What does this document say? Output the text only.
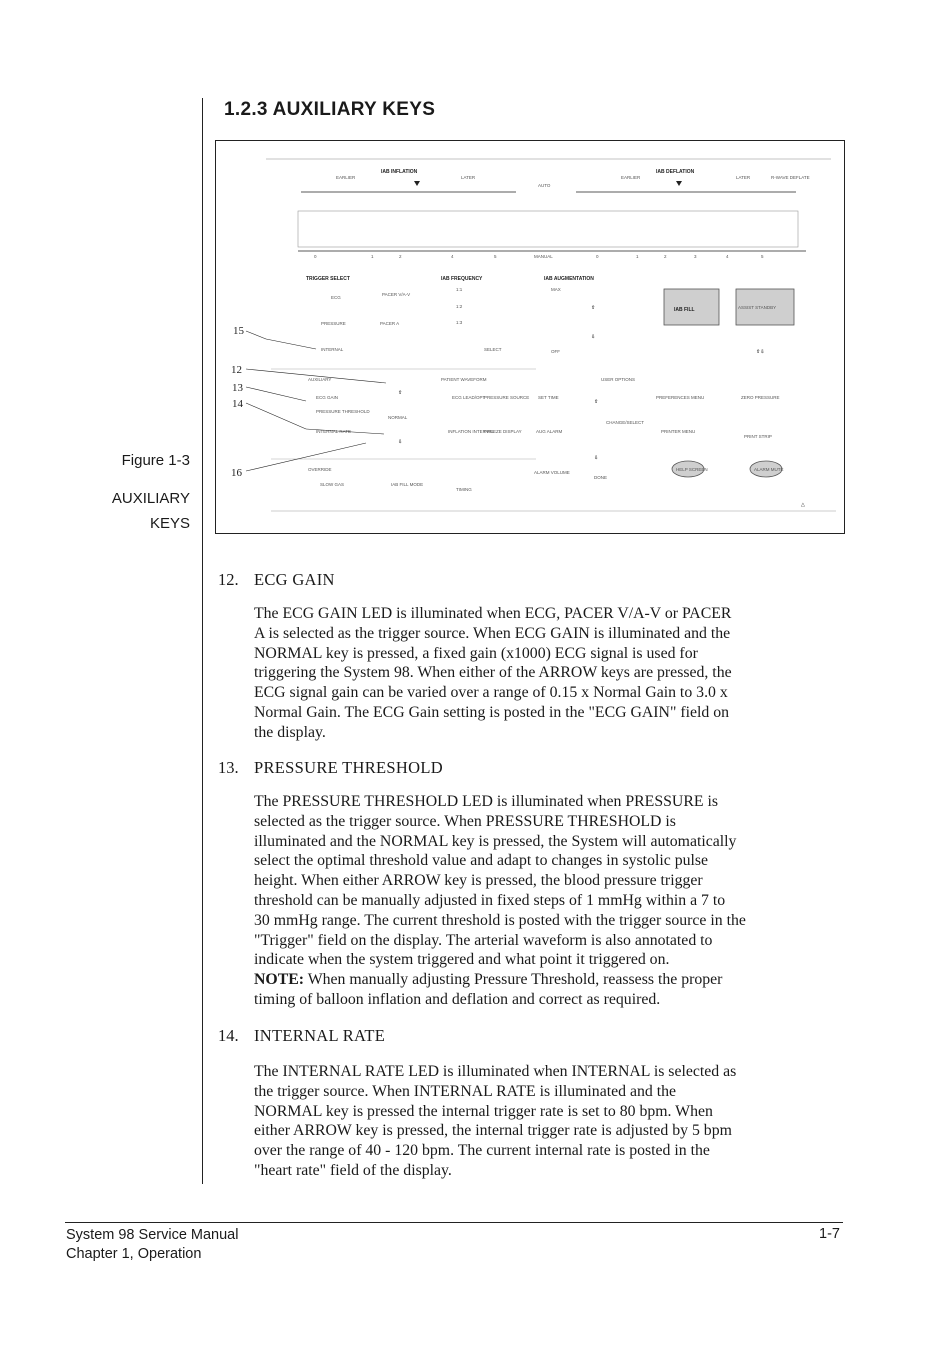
1.2.3 AUXILIARY KEYS
Figure 1-3
AUXILIARY
KEYS
IAB INFLATION
EARLIER	LATER
IAB DEFLATION
EARLIER	LATER	R-WAVE DEFLATE
AUTO
0	1	2	4	5	MANUAL	0	1	2	3	4	5
TRIGGER SELECT	IAB FREQUENCY	IAB AUGMENTATION
ECG
PACER V/A-V
PRESSURE	PACER A
INTERNAL
1:1
1:2
1:3
SELECT
MAX
OFF
⇧
⇩
IAB FILL	ASSIST STANDBY
⇧⇩
AUXILIARY	PATIENT WAVEFORM	USER OPTIONS
ECG GAIN
PRESSURE THRESHOLD
NORMAL
INTERNAL RATE
⇧
⇩
ECG LEAD/OPT
PRESSURE SOURCE
INFLATION INTERVAL
FREEZE DISPLAY
SET TIME
AUG ALARM
ALARM VOLUME
⇧
CHANGE/SELECT
⇩
DONE
PREFERENCES MENU
PRINTER MENU
ZERO PRESSURE
PRINT STRIP
HELP SCREEN	ALARM MUTE
OVERRIDE
SLOW GAS	IAB FILL MODE
TIMING
△
15
12
13
14
16
12. ECG GAIN
The ECG GAIN LED is illuminated when ECG, PACER V/A-V or PACER
A is selected as the trigger source. When ECG GAIN is illuminated and the
NORMAL key is pressed, a fixed gain (x1000) ECG signal is used for
triggering the System 98. When either of the ARROW keys are pressed, the
ECG signal gain can be varied over a range of 0.15 x Normal Gain to 3.0 x
Normal Gain. The ECG Gain setting is posted in the "ECG GAIN" field on
the display.
13. PRESSURE THRESHOLD
The PRESSURE THRESHOLD LED is illuminated when PRESSURE is
selected as the trigger source. When PRESSURE THRESHOLD is
illuminated and the NORMAL key is pressed, the System will automatically
select the optimal threshold value and adapt to changes in systolic pulse
height. When either ARROW key is pressed, the blood pressure trigger
threshold can be manually adjusted in fixed steps of 1 mmHg within a 7 to
30 mmHg range. The current threshold is posted with the trigger source in the
"Trigger" field on the display. The arterial waveform is also annotated to
indicate when the system triggered and what point it triggered on.
NOTE: When manually adjusting Pressure Threshold, reassess the proper
timing of balloon inflation and deflation and correct as required.
14. INTERNAL RATE
The INTERNAL RATE LED is illuminated when INTERNAL is selected as
the trigger source. When INTERNAL RATE is illuminated and the
NORMAL key is pressed the internal trigger rate is set to 80 bpm. When
either ARROW key is pressed, the internal trigger rate is adjusted by 5 bpm
over the range of 40 - 120 bpm. The current internal rate is posted in the
"heart rate" field of the display.
System 98 Service Manual
Chapter 1, Operation
1-7
